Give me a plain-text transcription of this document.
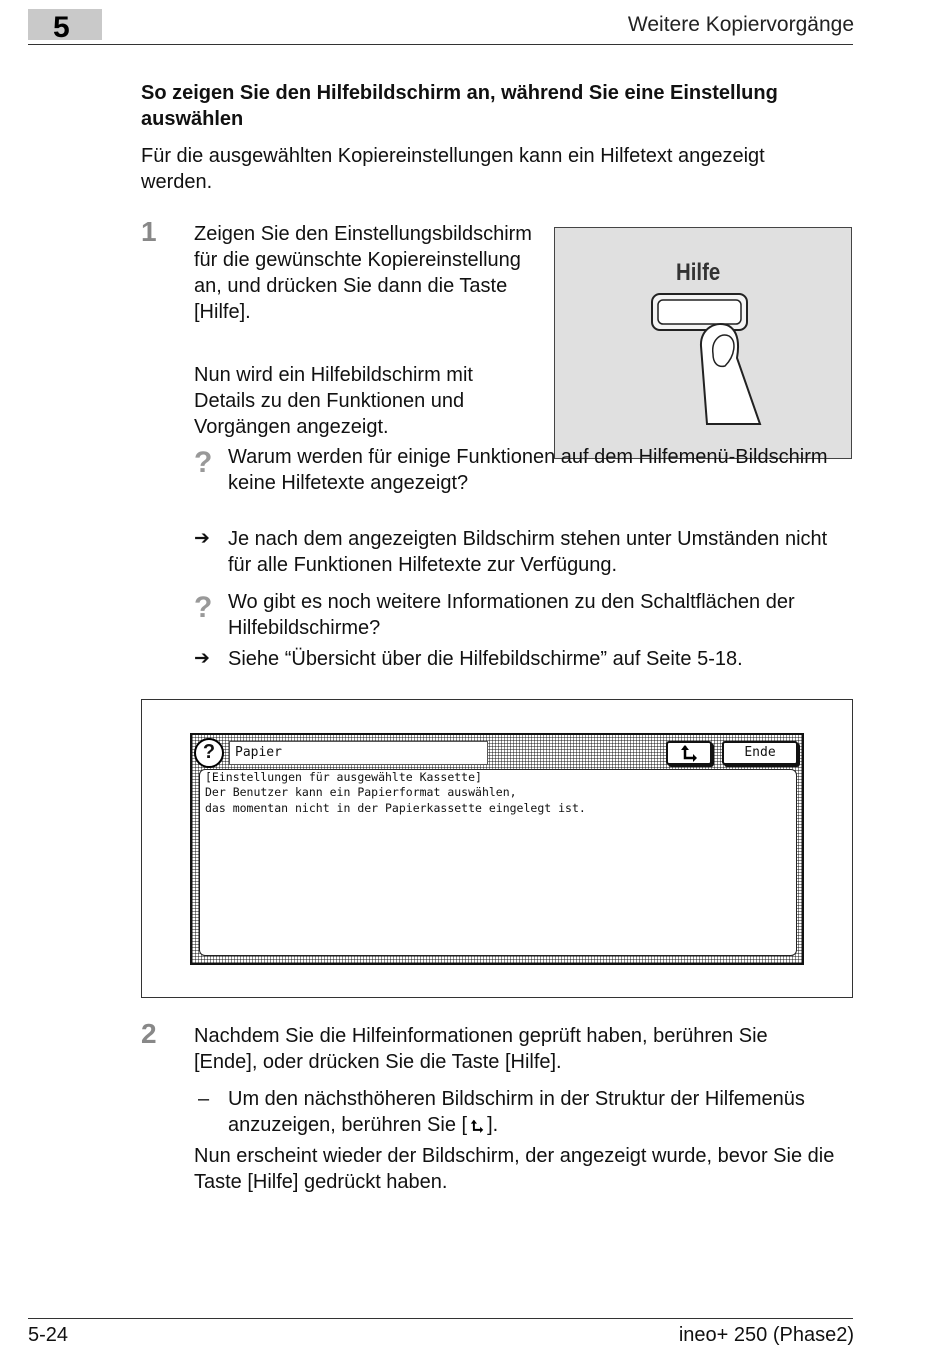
5	Weitere Kopiervorgänge
So zeigen Sie den Hilfebildschirm an, während Sie eine Einstellung auswählen
Für die ausgewählten Kopiereinstellungen kann ein Hilfetext angezeigt werden.
1 Zeigen Sie den Einstellungsbildschirm für die gewünschte Kopiereinstellung an, und drücken Sie dann die Taste [Hilfe].
Nun wird ein Hilfebildschirm mit Details zu den Funktionen und Vorgängen angezeigt.
Hilfe
? Warum werden für einige Funktionen auf dem Hilfemenü-Bildschirm keine Hilfetexte angezeigt?
➔ Je nach dem angezeigten Bildschirm stehen unter Umständen nicht für alle Funktionen Hilfetexte zur Verfügung.
? Wo gibt es noch weitere Informationen zu den Schaltflächen der Hilfebildschirme?
➔ Siehe “Übersicht über die Hilfebildschirme” auf Seite 5-18.
?	Papier	Ende
[Einstellungen für ausgewählte Kassette]
Der Benutzer kann ein Papierformat auswählen,
das momentan nicht in der Papierkassette eingelegt ist.
2 Nachdem Sie die Hilfeinformationen geprüft haben, berühren Sie [Ende], oder drücken Sie die Taste [Hilfe].
– Um den nächsthöheren Bildschirm in der Struktur der Hilfemenüs anzuzeigen, berühren Sie [ ].
Nun erscheint wieder der Bildschirm, der angezeigt wurde, bevor Sie die Taste [Hilfe] gedrückt haben.
5-24	ineo+ 250 (Phase2)
